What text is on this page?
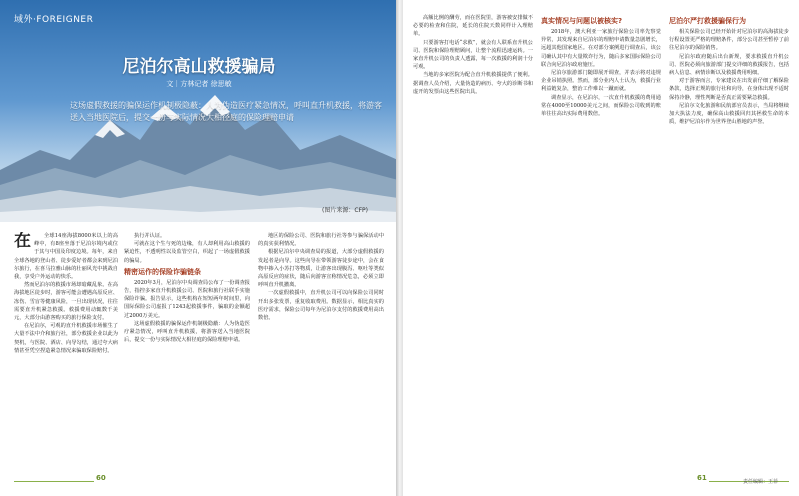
域外·FOREIGNER
尼泊尔高山救援骗局
文｜方林记者 徐思敏
这场虚假救援的骗保运作机制极隐蔽：人为伪造医疗紧急情况，呼叫直升机救援，将游客送入当地医院后，提交一份与实际情况大相径庭的保险理赔申请
(图片来源：CFP)
在	全球14座海拔8000米以上的高峰中，有8座坐落于尼泊尔境内或位于其与中国及印度边境。每年，来自全球各地的登山者、徒步爱好者都会来到尼泊尔旅行，在喜马拉雅山脉的壮丽风光中挑战自我，享受户外运动的快乐。

然而尼泊尔的救援市场却暗藏乱象。在高海拔地区徒步时，游客可能会遭遇高原反应、冻伤、雪盲等健康风险，一旦出现状况，往往需要直升机紧急救援。救援费用动辄数千美元，大部分由游客购买的旅行保险支付。

在尼泊尔，可观的直升机救援市场催生了大量不法中介和旅行社，部分救援企业以此为契机，与医院、酒店、向导勾结，通过夸大病情甚至凭空捏造紧急情况来骗取保险赔付。

执行并认证。

可就在这个生与死的边缘，有人却利用高山救援的紧迫性，不透明性以及监管空白，织起了一场虚假救援的骗局。

精密运作的保险诈骗链条

2020年3月，尼泊尔中央调查局公布了一份调查报告，指控多家直升机救援公司、医院和旅行社联手实施保险诈骗。报告显示，这些机构在短短两年时间里，向国际保险公司虚报了1243起救援事件，骗取的金额超过2000万美元。

这场虚假救援的骗保运作机制极隐蔽：人为伪造医疗紧急情况，呼叫直升机救援，将游客送入当地医院后，提交一份与实际情况大相径庭的保险理赔申请。

地区的保险公司、医院和旅行社等参与骗保活动中的真实获利情况。

根据尼泊尔中央调查局的报道，大部分虚假救援的发起者是向导。这些向导在带领游客徒步途中，会在食物中掺入小苏打等物质，让游客出现腹泻、呕吐等类似高原反应的症状，随后向游客宣称情况危急，必须立即呼叫直升机撤离。

一次虚假救援中，直升机公司可以向保险公司同时开出多张发票，重复收取费用。数据显示，相比真实的医疗需求，保险公司每年为尼泊尔支付的救援费用高出数倍。

60

高额比例的酬劳，而在医院里，游客被安排做不必要的检查和住院，延长的住院天数同样计入理赔单。

只要游客打电话“求救”，就会有人联系直升机公司、医院和保险理赔顾问，让整个流程迅速运转。一家直升机公司的负责人透露，每一次救援的利润十分可观。

当地的多家医院为配合直升机救援提供了便利。据调查人员介绍，大量伪造的病历、夸大的诊断书和虚开的发票由这些医院出具。

真实情况与问题以被核实?

2018年，澳大利亚一家旅行保险公司率先察觉异常，其发现来自尼泊尔的理赔申请数量急剧增长，远超其他国家地区。在对部分案例进行调查后，该公司确认其中有大量欺诈行为，随后多家国际保险公司联合向尼泊尔政府施压。

尼泊尔旅游部门随即展开调查，并表示将对违规企业吊销执照。然而，部分业内人士认为，救援行业利益链复杂，整治工作难以一蹴而就。

调查显示，在尼泊尔，一次直升机救援的费用通常在4000至10000美元之间，而保险公司收到的账单往往高出实际费用数倍。

尼泊尔严打救援骗保行为

相关保险公司已经开始针对尼泊尔的高海拔徒步行程设置更严格的理赔条件，部分公司甚至暂停了前往尼泊尔的保险销售。

尼泊尔政府随后出台新规，要求救援直升机公司、医院必须向旅游部门提交详细的救援报告，包括病人信息、病情诊断以及救援费用明细。

对于游客而言，专家建议在出发前仔细了解保险条款，选择正规的旅行社和向导，在身体出现不适时保持冷静，理性判断是否真正需要紧急救援。

尼泊尔文化旅游和民航部官员表示，当局将继续加大执法力度，确保高山救援回归其拯救生命的本质，维护尼泊尔作为世界登山胜地的声誉。

61	责任编辑：王菲
